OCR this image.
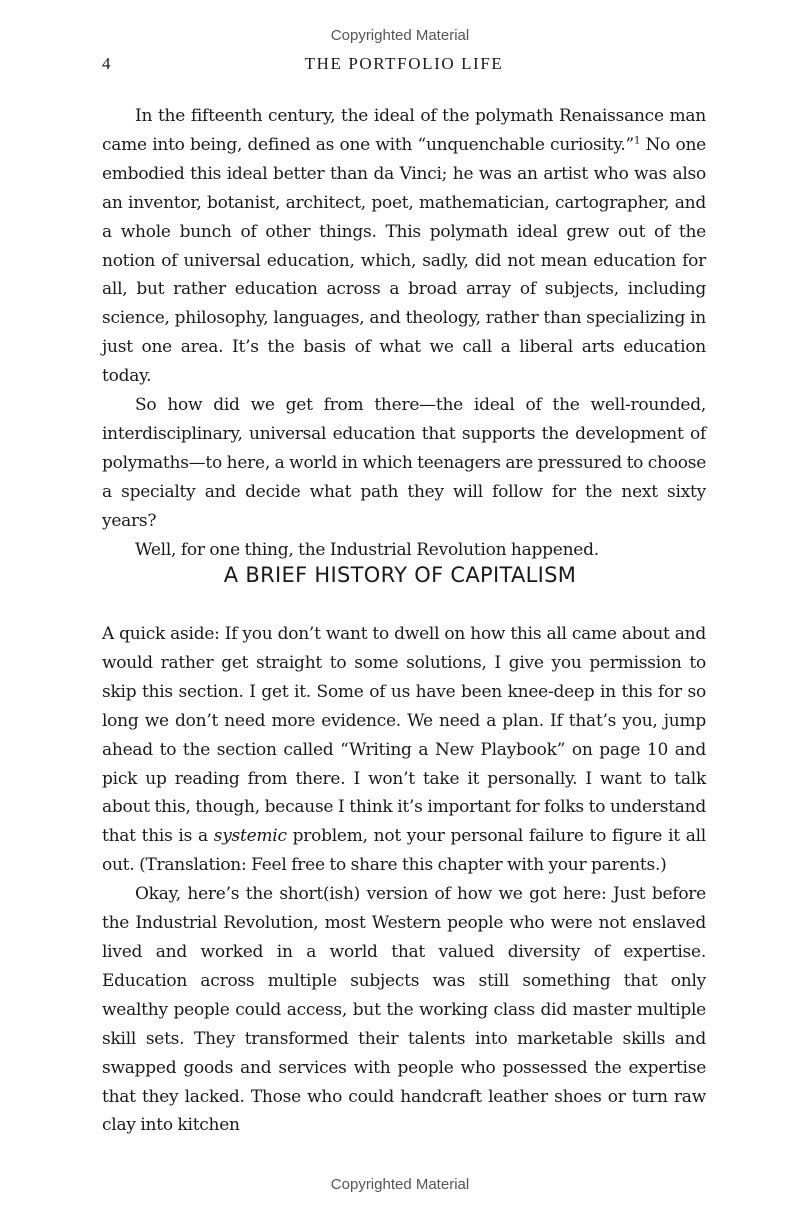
Copyrighted Material
4	THE PORTFOLIO LIFE

In the fifteenth century, the ideal of the polymath Renaissance man came into being, defined as one with “unquenchable curiosity.”$^1$ No one embodied this ideal better than da Vinci; he was an artist who was also an inventor, botanist, architect, poet, mathematician, cartographer, and a whole bunch of other things. This polymath ideal grew out of the notion of universal education, which, sadly, did not mean education for all, but rather education across a broad array of subjects, including science, philosophy, languages, and theology, rather than specializing in just one area. It’s the basis of what we call a liberal arts education today.

So how did we get from there—the ideal of the well-rounded, interdisciplinary, universal education that supports the development of polymaths—to here, a world in which teenagers are pressured to choose a specialty and decide what path they will follow for the next sixty years?

Well, for one thing, the Industrial Revolution happened.

A BRIEF HISTORY OF CAPITALISM

A quick aside: If you don’t want to dwell on how this all came about and would rather get straight to some solutions, I give you permission to skip this section. I get it. Some of us have been knee-deep in this for so long we don’t need more evidence. We need a plan. If that’s you, jump ahead to the section called “Writing a New Playbook” on page 10 and pick up reading from there. I won’t take it personally. I want to talk about this, though, because I think it’s important for folks to understand that this is a systemic problem, not your personal failure to figure it all out. (Translation: Feel free to share this chapter with your parents.)

Okay, here’s the short(ish) version of how we got here: Just before the Industrial Revolution, most Western people who were not enslaved lived and worked in a world that valued diversity of expertise. Education across multiple subjects was still something that only wealthy people could access, but the working class did master multiple skill sets. They transformed their talents into marketable skills and swapped goods and services with people who possessed the expertise that they lacked. Those who could handcraft leather shoes or turn raw clay into kitchen

Copyrighted Material
